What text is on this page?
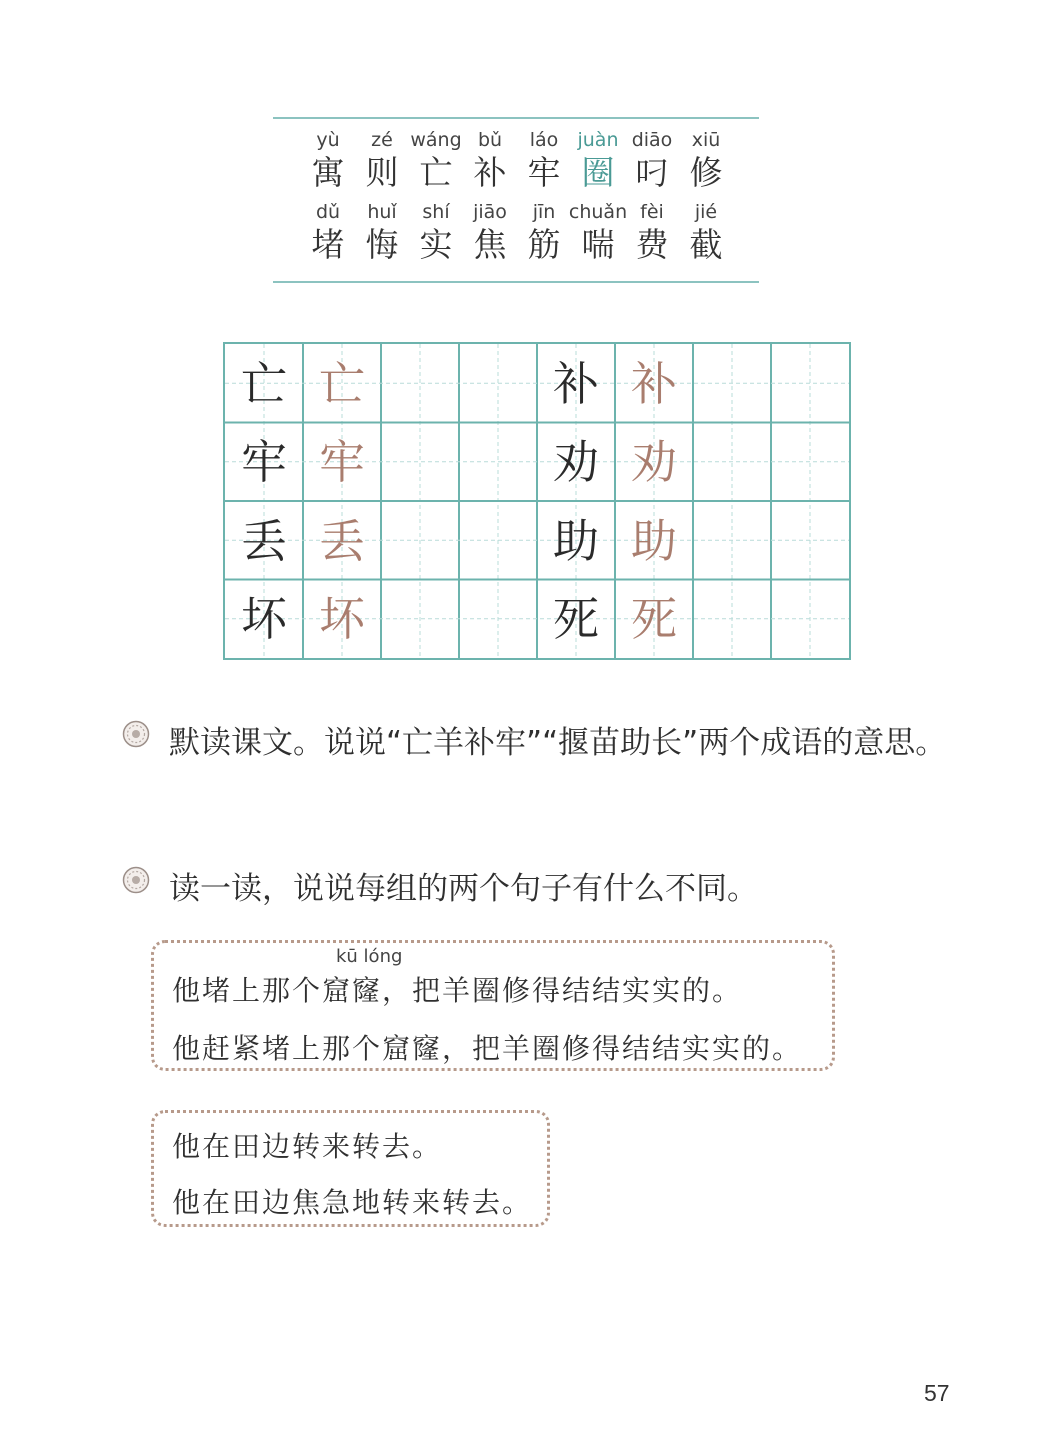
yù
寓
zé
则
wáng
亡
bǔ
补
láo
牢
juàn
圈
diāo
叼
xiū
修
dǔ
堵
huǐ
悔
shí
实
jiāo
焦
jīn
筋
chuǎn
喘
fèi
费
jié
截
亡 亡
牢 牢
丢 丢
坏 坏
补 补
劝 劝
助 助
死 死
默读课文。说说“亡羊补牢”“揠苗助长”两个成语的意思。
读一读，说说每组的两个句子有什么不同。
kū lóng
他堵上那个窟窿，把羊圈修得结结实实的。
他赶紧堵上那个窟窿，把羊圈修得结结实实的。
他在田边转来转去。
他在田边焦急地转来转去。
57
